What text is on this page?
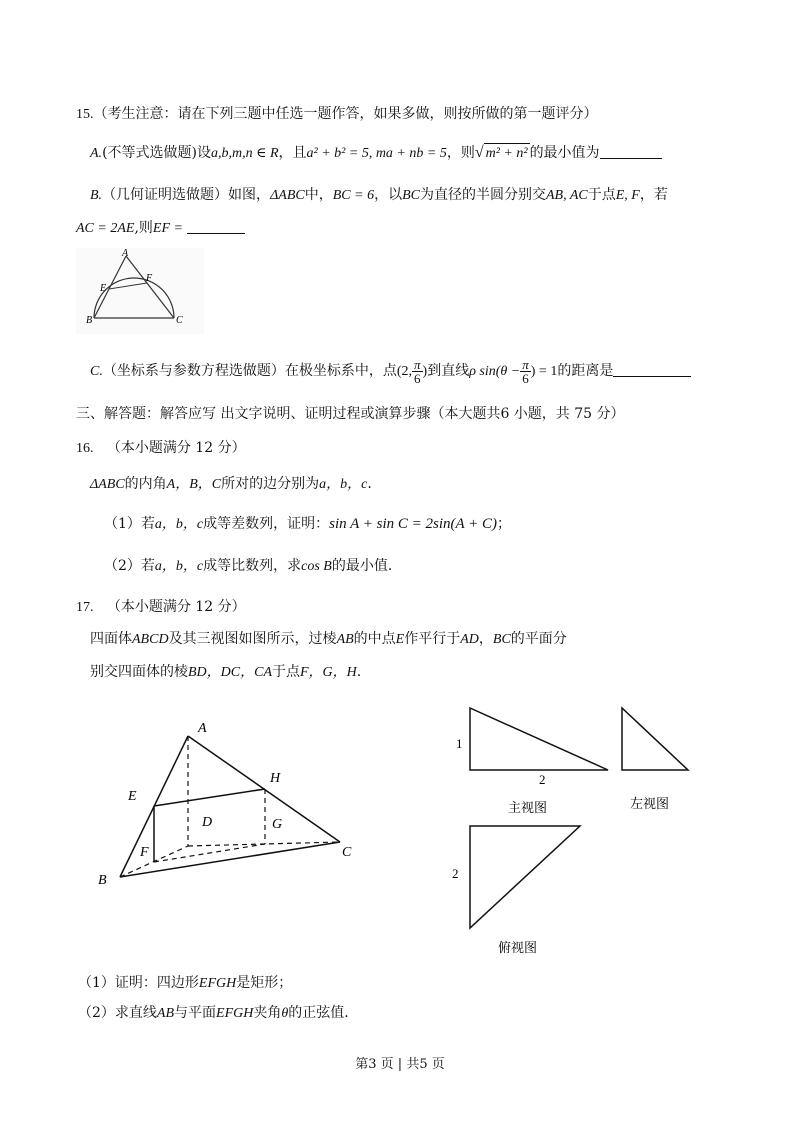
15.（考生注意：请在下列三题中任选一题作答，如果多做，则按所做的第一题评分）
A.(不等式选做题)设a,b,m,n ∈ R，且a² + b² = 5, ma + nb = 5，则√ m² + n² 的最小值为
B.（几何证明选做题）如图，ΔABC中，BC = 6，以BC为直径的半圆分别交AB, AC于点E, F，若
AC = 2AE,则EF =
A
E
F
B	C
C.（坐标系与参数方程选做题）在极坐标系中，点(2, $\frac{\pi}{6}$ )到直线ρ $\sin(\theta - \frac{\pi}{6}$ ) = 1的距离是
三、解答题：解答应写 出文字说明、证明过程或演算步骤（本大题共6 小题，共 75 分）
16. （本小题满分 12 分）
ΔABC的内角A，B，C所对的边分别为a，b，c.
（1）若a，b，c成等差数列，证明：sin A + sin C = 2sin(A + C)；
（2）若a，b，c成等比数列，求cos B的最小值.
17. （本小题满分 12 分）
四面体ABCD及其三视图如图所示，过棱AB的中点E作平行于AD，BC的平面分
别交四面体的棱BD，DC，CA于点F，G，H.
A
B
C
D
E
F
G
H
1
2
主视图	左视图
2
俯视图
（1）证明：四边形EFGH是矩形；
（2）求直线AB与平面EFGH夹角θ的正弦值.
第3 页 | 共5 页
